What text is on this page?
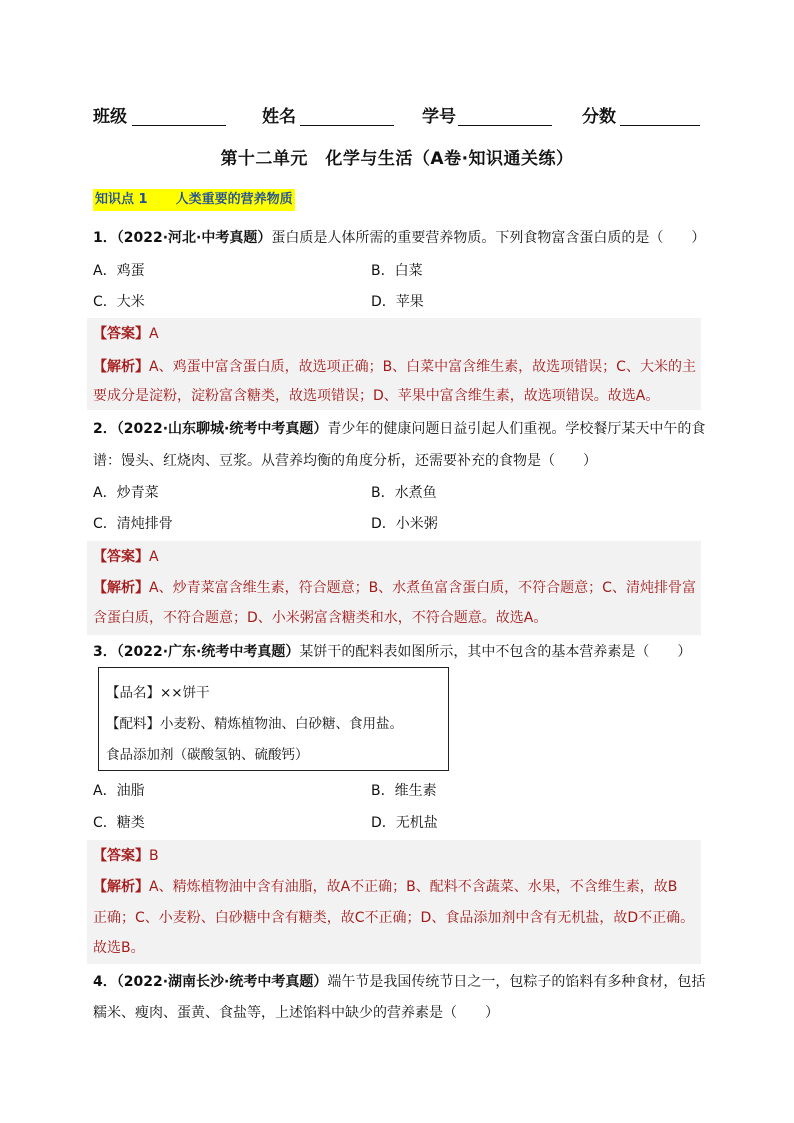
班级	姓名	学号	分数
第十二单元　化学与生活（A卷·知识通关练）
知识点 1 人类重要的营养物质
1．（2022·河北·中考真题）蛋白质是人体所需的重要营养物质。下列食物富含蛋白质的是（　　）
A．鸡蛋	B．白菜
C．大米	D．苹果
【答案】A
【解析】A、鸡蛋中富含蛋白质，故选项正确；B、白菜中富含维生素，故选项错误；C、大米的主
要成分是淀粉，淀粉富含糖类，故选项错误；D、苹果中富含维生素，故选项错误。故选A。
2．（2022·山东聊城·统考中考真题）青少年的健康问题日益引起人们重视。学校餐厅某天中午的食
谱：馒头、红烧肉、豆浆。从营养均衡的角度分析，还需要补充的食物是（　　）
A．炒青菜	B．水煮鱼
C．清炖排骨	D．小米粥
【答案】A
【解析】A、炒青菜富含维生素，符合题意；B、水煮鱼富含蛋白质，不符合题意；C、清炖排骨富
含蛋白质，不符合题意；D、小米粥富含糖类和水，不符合题意。故选A。
3．（2022·广东·统考中考真题）某饼干的配料表如图所示，其中不包含的基本营养素是（　　）
【品名】××饼干
【配料】小麦粉、精炼植物油、白砂糖、食用盐。
食品添加剂（碳酸氢钠、硫酸钙）
A．油脂	B．维生素
C．糖类	D．无机盐
【答案】B
【解析】A、精炼植物油中含有油脂，故A不正确；B、配料不含蔬菜、水果，不含维生素，故B
正确；C、小麦粉、白砂糖中含有糖类，故C不正确；D、食品添加剂中含有无机盐，故D不正确。
故选B。
4．（2022·湖南长沙·统考中考真题）端午节是我国传统节日之一，包粽子的馅料有多种食材，包括
糯米、瘦肉、蛋黄、食盐等，上述馅料中缺少的营养素是（　　）
